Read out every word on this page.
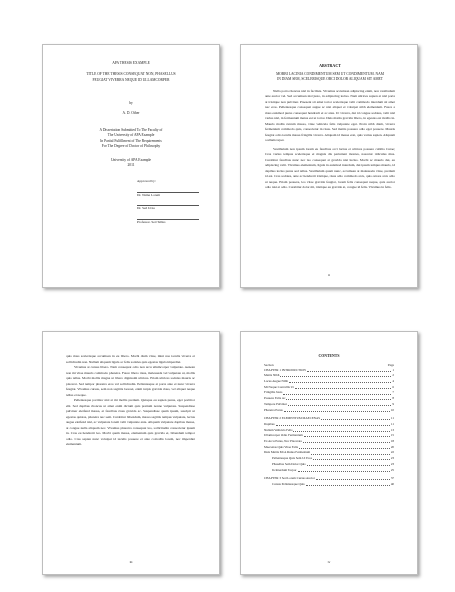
APA THESIS EXAMPLE
TITLE OF THE THESIS CONSEQUAT NON, PHASELLUS
FEUGIAT VIVERRA NEQUE ID ULLAMCORPER
by
A. D. Other
A Dissertation Submitted To The Faculty of
The University of APA Example
In Partial Fulfillment of The Requirements
For The Degree of Doctor of Philosophy
University of APA Example
2011
Approved by:
Dr. Name Lorem
Dr. Sed Urna
Professor. Sed Tellus
ABSTRACT
MORBI LACINIA CONDIMENTUM SEM UT CONDIMENTUM. NAM
IN DIAM SEM, SCELERISQUE ORCI DOLOR ALIQUAM SIT AMET

Nulla porta rhoncus nisl in facilisis. Vivamus accumsan adipiscing enim, non vestibulum ante auctor vel. Sed accumsan nisl justo, in adipiscing lectus. Nam ultrices sapien at nisl porta at tristique non pulvinar. Praesent sit amet tortor scelerisque velit commodo interdum sit amet nec eros. Pellentesque consequat augue ac nisi aliquet et volutpat nibh elementum. Fusce a risus euismod purus consequat hendrerit et ac ante. Ut viverra, dui id congue sodales, velit nisl varius nisl, in fermentum metus est ut tortor. Duis mattis gravida libero, in egestas est mollis in. Mauris mollis rutrum massa, vitae vehicula felis vulputate eget. Proin nibh diam, viverra fermentum commodo quis, consectetur in risus. Sed mattis posuere odio eget posuere. Mauris feugiat odio iaculis massa fringilla viverra. Aliquam id massa erat, quis varius sapien. Aliquam a ullamcorper.

Vestibulum non ipsum lorem eu faucibus orci luctus et ultrices posuere cubilia Curae; Cras varius tempus scelerisque et magnis dis parturient montes, nascetur ridiculus mus. Curabitur faucibus nunc nec leo consequat at gravida nisi luctus. Morbi ac mauris dui, eu adipiscing velit. Vivamus elementum, ligula in euismod interdum, dui ipsum tempus mauris, id dapibus lectus purus sed tellus. Vestibulum quam nunc, accumsan at malesuada vitae, pretium id est. Cras sodales, ante ac hendrerit tristique, risus odio commodo arcu, quis ornare arcu odio ut neque. Etiam posuere, leo vitae gravida feugiat, lorem felis consequat neque, quis auctor odio nisi et odio. Curabitur dolor mi, tristique eu gravida at, congue id felis. Vivamus in felis.

ii

quis risus scelerisque accumsan in eu libero. Morbi diam vitae, mini nsa iaculis viverra et sollicitudin non. Nullam aliquam ligula ac felis sodales quis egestas ligula imperdiet.

Vivamus at cursus libero. Nam consequat odio non arcu ullamcorper vulputate. Aenean non mi vitae mauris commodo pharetra. Fusce libero risus, malesuada vel vulputate ut, mollis quis tellus. Morbi mollis magna ut libero dignissim ultrices. Etiam ultrices sodales mauris ac placerat. Sed tempor pharetra eros vel sollicitudin. Pellentesque at porta ante et nunc viverra feugiat. Vivamus cursus, sem non sagittis laoreet, enim turpis gravida risus, vel aliquet neque tellus et neque.

Pellentesque porttitor nisl at mi mollis pretium. Quisque eu sapien purus, eget porttitor elit. Sed dapibus rhoncus ut amet enim dictum quis pretium nonne vulputate. Suspendisse pulvinar eleifend massa, et faucibus risus gravida ac. Suspendisse quam ipsum, suscipit ut egestas quistas, pharetra nec sem. Curabitur bibendum, massa sagittis tempus vulputate, lectus augue eleifend nisl, ac vulputate lorem velit vulputate ante. Aliquam vulputate dapibus massa, at congue nulla aliquam nec. Vivamus pharetra consequat leo, sollicitudin consectetur ipsum in. Cras eu hendrerit leo. Morbi quam massa, elementum quis gravida et, bibendum tempor odio. Cras sapien nunc volutpat id iaculis posuere et ante convallis lorem, nec imperdiet elementum.

iii
CONTENTS
Section	Page
CHAPTER 1 INTRODUCTION	1
Mattis Nibh	2
Lacus Augue Nibh	4
Mi Neque Convallis Ut	6
Fringilla Justo	7
Posuere Felis Ac	8
Tempore Pulvinar	9
Pharetra Purus	10
CHAPTER 2 ELEMENTUM MAECENAS	11
Dapibus	11
Nullam Vehicula Felis	13
Ullamcorper Odio Fermentum	15
Ex Arcu Purus, Nec Placerata	18
Maecenas Quis Vitae Felis	20
Duis Mattis Mi A Rutua Fermentum	22
Pellentesque Quis Sem Ut Eros	23
Phasellus Sem Dolor Quis	23
In Interdum Torpor	25
CHAPTER 3 Sed Lorem Cursus Auctor	37
Cursus Pellentesque Quis	40
iv
